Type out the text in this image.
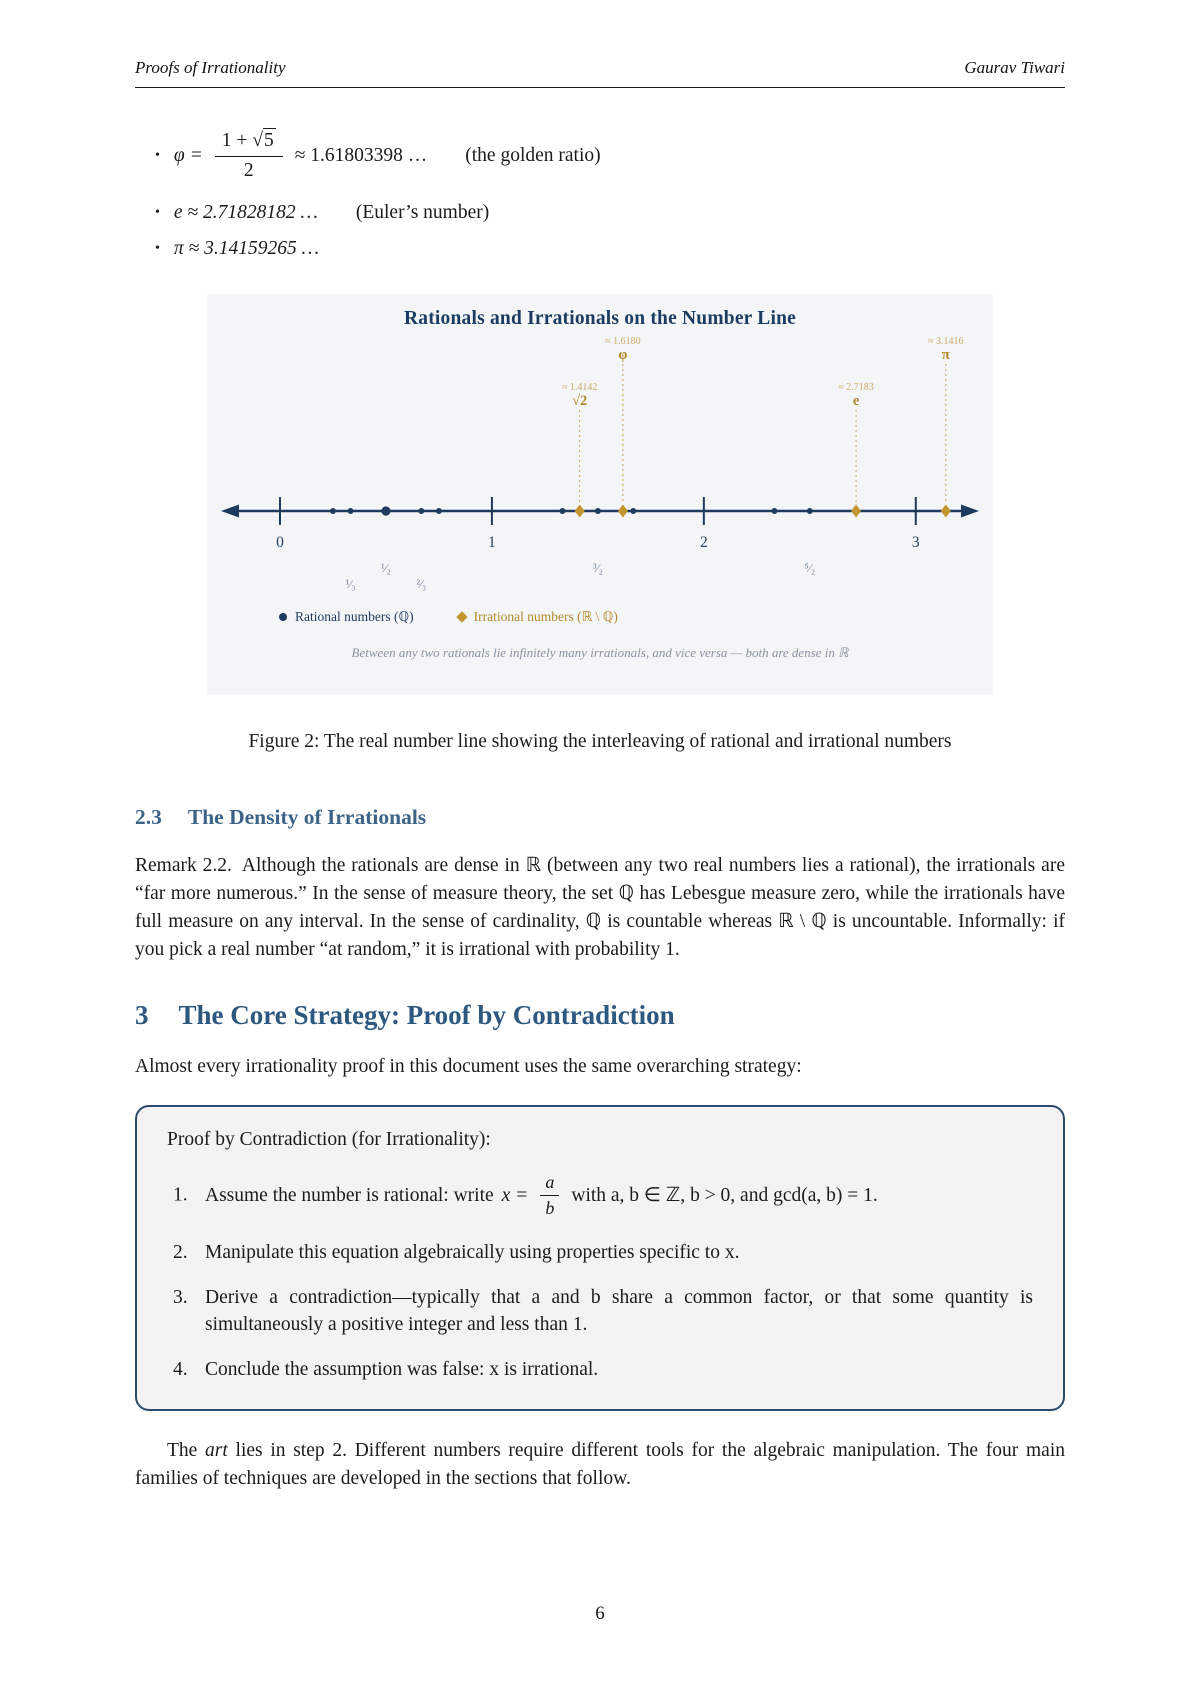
Proofs of Irrationality	Gaurav Tiwari
• $\varphi = \frac{1 + √5}{2} \approx 1.61803398$ … (the golden ratio)
• e ≈ 2.71828182 … (Euler’s number)
• π ≈ 3.14159265 …
Rationals and Irrationals on the Number Line
0	1	2	3
¹⁄₂
¹⁄₃	²⁄₃
³⁄₂	⁵⁄₂
≈ 1.4142
√2
≈ 1.6180
φ
≈ 2.7183
e
≈ 3.1416
π
Rational numbers (ℚ)	Irrational numbers (ℝ \ ℚ)
Between any two rationals lie infinitely many irrationals, and vice versa — both are dense in ℝ
Figure 2: The real number line showing the interleaving of rational and irrational numbers
2.3 The Density of Irrationals
Remark 2.2. Although the rationals are dense in ℝ (between any two real numbers lies a rational), the irrationals are “far more numerous.” In the sense of measure theory, the set ℚ has Lebesgue measure zero, while the irrationals have full measure on any interval. In the sense of cardinality, ℚ is countable whereas ℝ \ ℚ is uncountable. Informally: if you pick a real number “at random,” it is irrational with probability 1.
3 The Core Strategy: Proof by Contradiction
Almost every irrationality proof in this document uses the same overarching strategy:
Proof by Contradiction (for Irrationality):
Assume the number is rational: write $x = \frac{a}{b}$ with a, b ∈ ℤ, b > 0, and gcd(a, b) = 1.
Manipulate this equation algebraically using properties specific to x.
Derive a contradiction—typically that a and b share a common factor, or that some quantity is simultaneously a positive integer and less than 1.
Conclude the assumption was false: x is irrational.
The art lies in step 2. Different numbers require different tools for the algebraic manipulation. The four main families of techniques are developed in the sections that follow.
6
